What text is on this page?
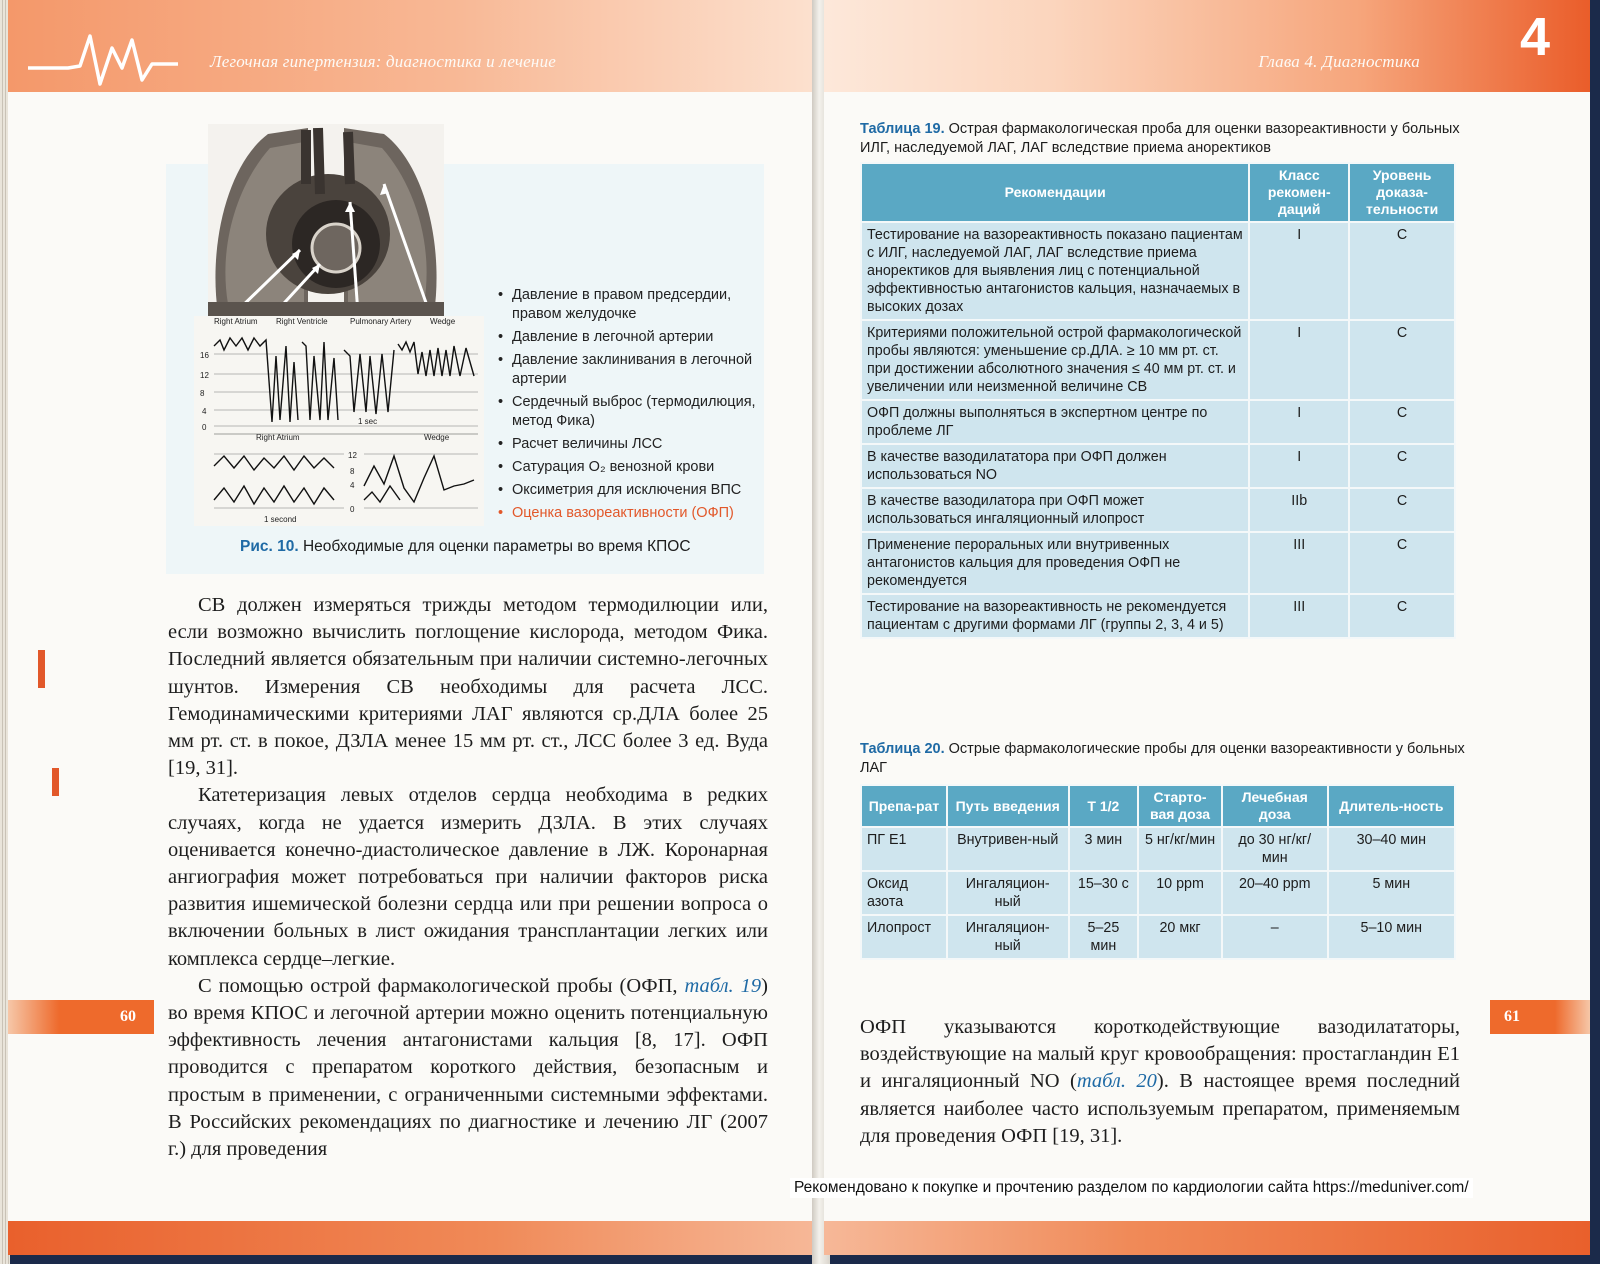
Легочная гипертензия: диагностика и лечение
Right Atrium Right Ventricle	Pulmonary Artery Wedge
16
12
8
4
0
1 sec
Right Atrium	Wedge
12
8
4
0
1 second
• Давление в правом предсердии, правом желудочке
• Давление в легочной артерии
• Давление заклинивания в легочной артерии
• Сердечный выброс (термодилюция, метод Фика)
• Расчет величины ЛСС
• Сатурация O₂ венозной крови
• Оксиметрия для исключения ВПС
• Оценка вазореактивности (ОФП)
Рис. 10. Необходимые для оценки параметры во время КПОС

СВ должен измеряться трижды методом термодилюции или, если возможно вычислить поглощение кислорода, методом Фика. Последний является обязательным при наличии системно-легочных шунтов. Измерения СВ необходимы для расчета ЛСС. Гемодинамическими критериями ЛАГ являются ср.ДЛА более 25 мм рт. ст. в покое, ДЗЛА менее 15 мм рт. ст., ЛСС более 3 ед. Вуда [19, 31].

Катетеризация левых отделов сердца необходима в редких случаях, когда не удается измерить ДЗЛА. В этих случаях оценивается конечно-диастолическое давление в ЛЖ. Коронарная ангиография может потребоваться при наличии факторов риска развития ишемической болезни сердца или при решении вопроса о включении больных в лист ожидания трансплантации легких или комплекса сердце–легкие.

С помощью острой фармакологической пробы (ОФП, табл. 19) во время КПОС и легочной артерии можно оценить потенциальную эффективность лечения антагонистами кальция [8, 17]. ОФП проводится с препаратом короткого действия, безопасным и простым в применении, с ограниченными системными эффектами. В Российских рекомендациях по диагностике и лечению ЛГ (2007 г.) для проведения

60
Глава 4. Диагностика 4
Таблица 19. Острая фармакологическая проба для оценки вазореактивности у больных ИЛГ, наследуемой ЛАГ, ЛАГ вследствие приема аноректиков
Рекомендации	Класс рекомен-даций	Уровень доказа-тельности
Тестирование на вазореактивность показано пациентам с ИЛГ, наследуемой ЛАГ, ЛАГ вследствие приема аноректиков для выявления лиц с потенциальной эффективностью антагонистов кальция, назначаемых в высоких дозах	I	C
Критериями положительной острой фармакологической пробы являются: уменьшение ср.ДЛА. ≥ 10 мм рт. ст. при достижении абсолютного значения ≤ 40 мм рт. ст. и увеличении или неизменной величине СВ	I	C
ОФП должны выполняться в экспертном центре по проблеме ЛГ	I	C
В качестве вазодилататора при ОФП должен использоваться NO	I	C
В качестве вазодилатора при ОФП может использоваться ингаляционный илопрост	IIb	C
Применение пероральных или внутривенных антагонистов кальция для проведения ОФП не рекомендуется	III	C
Тестирование на вазореактивность не рекомендуется пациентам с другими формами ЛГ (группы 2, 3, 4 и 5)	III	C
Таблица 20. Острые фармакологические пробы для оценки вазореактивности у больных ЛАГ
Препа-рат	Путь введения	T 1/2	Старто-вая доза	Лечебная доза	Длитель-ность
ПГ Е1	Внутривен-ный	3 мин	5 нг/кг/мин	до 30 нг/кг/мин	30–40 мин
Оксид азота	Ингаляцион-ный	15–30 с	10 ppm	20–40 ppm	5 мин
Илопрост	Ингаляцион-ный	5–25 мин	20 мкг	–	5–10 мин

ОФП указываются короткодействующие вазодилататоры, воздействующие на малый круг кровообращения: простагландин Е1 и ингаляционный NO (табл. 20). В настоящее время последний является наиболее часто используемым препаратом, применяемым для проведения ОФП [19, 31].

61
Рекомендовано к покупке и прочтению разделом по кардиологии сайта https://meduniver.com/
